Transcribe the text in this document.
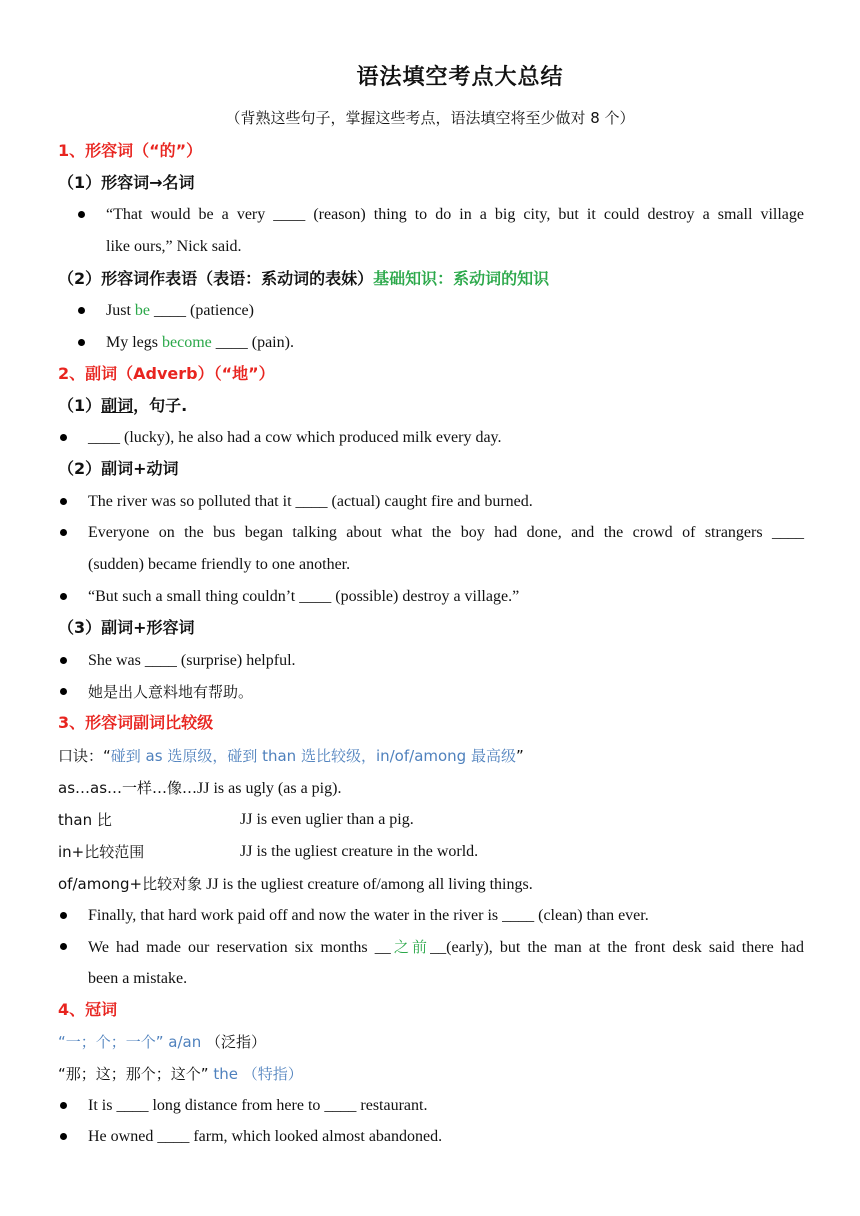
语法填空考点大总结
（背熟这些句子，掌握这些考点，语法填空将至少做对 8 个）
1、形容词（“的”）
（1）形容词→名词
“That would be a very ____ (reason) thing to do in a big city, but it could destroy a small village
like ours,” Nick said.
（2）形容词作表语（表语：系动词的表妹）基础知识：系动词的知识
Just be ____ (patience)
My legs become ____ (pain).
2、副词（Adverb）（“地”）
（1）副词，句子.
____ (lucky), he also had a cow which produced milk every day.
（2）副词+动词
The river was so polluted that it ____ (actual) caught fire and burned.
Everyone on the bus began talking about what the boy had done, and the crowd of strangers ____
(sudden) became friendly to one another.
“But such a small thing couldn’t ____ (possible) destroy a village.”
（3）副词+形容词
She was ____ (surprise) helpful.
她是出人意料地有帮助。
3、形容词副词比较级
口诀：“碰到 as 选原级，碰到 than 选比较级，in/of/among 最高级”
as…as…一样…像…JJ is as ugly (as a pig).
than 比	JJ is even uglier than a pig.
in+比较范围	JJ is the ugliest creature in the world.
of/among+比较对象 JJ is the ugliest creature of/among all living things.
Finally, that hard work paid off and now the water in the river is ____ (clean) than ever.
We had made our reservation six months __之前__(early), but the man at the front desk said there had
been a mistake.
4、冠词
“一；个；一个” a/an （泛指）
“那；这；那个；这个” the （特指）
It is ____ long distance from here to ____ restaurant.
He owned ____ farm, which looked almost abandoned.
